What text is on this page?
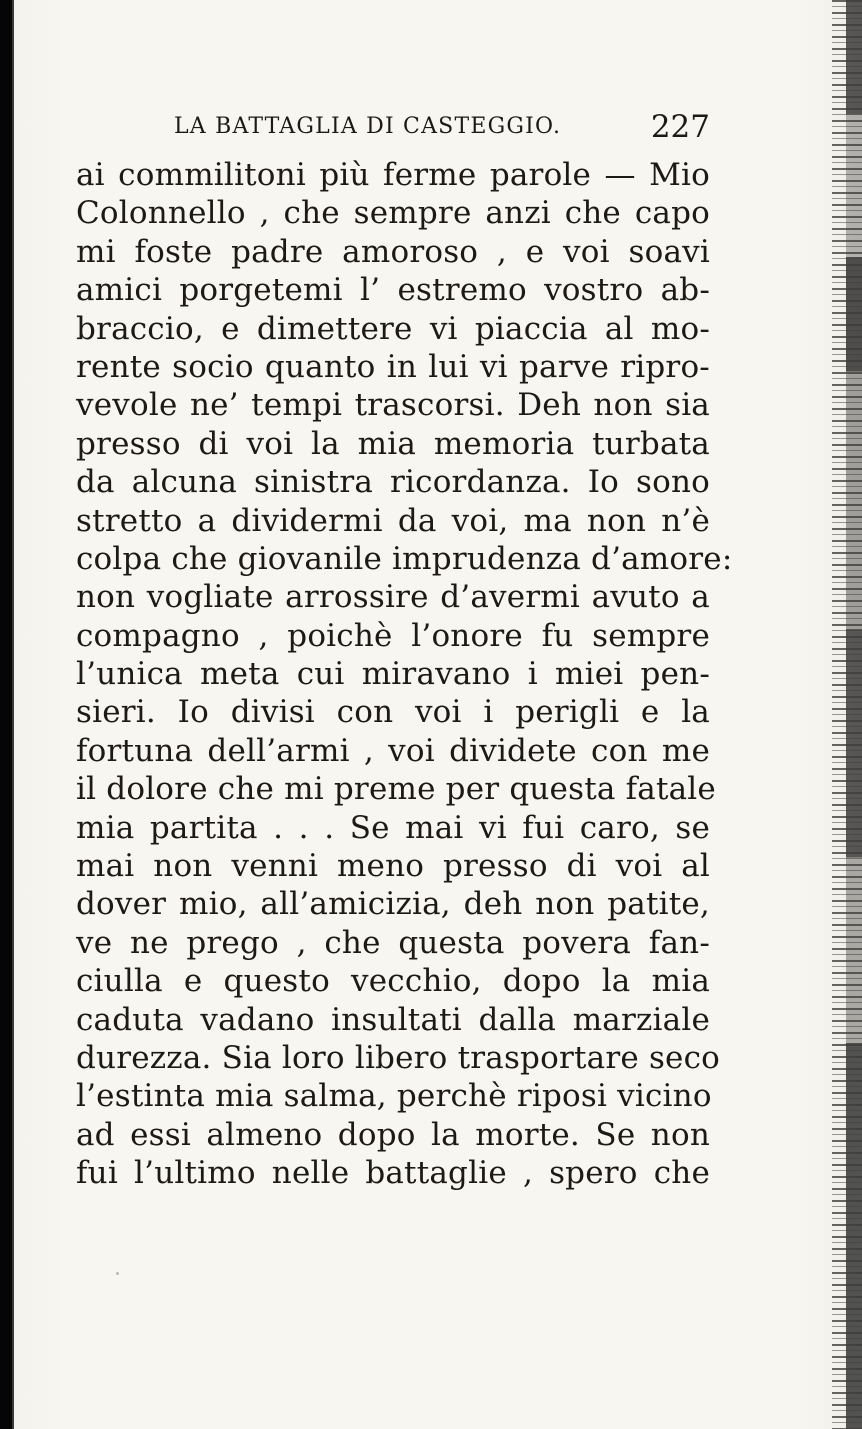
LA BATTAGLIA DI CASTEGGIO.	227
ai commilitoni più ferme parole — Mio
Colonnello , che sempre anzi che capo
mi foste padre amoroso , e voi soavi
amici porgetemi l’ estremo vostro ab-
braccio, e dimettere vi piaccia al mo-
rente socio quanto in lui vi parve ripro-
vevole ne’ tempi trascorsi. Deh non sia
presso di voi la mia memoria turbata
da alcuna sinistra ricordanza. Io sono
stretto a dividermi da voi, ma non n’è
colpa che giovanile imprudenza d’amore:
non vogliate arrossire d’avermi avuto a
compagno , poichè l’onore fu sempre
l’unica meta cui miravano i miei pen-
sieri. Io divisi con voi i perigli e la
fortuna dell’armi , voi dividete con me
il dolore che mi preme per questa fatale
mia partita . . . Se mai vi fui caro, se
mai non venni meno presso di voi al
dover mio, all’amicizia, deh non patite,
ve ne prego , che questa povera fan-
ciulla e questo vecchio, dopo la mia
caduta vadano insultati dalla marziale
durezza. Sia loro libero trasportare seco
l’estinta mia salma, perchè riposi vicino
ad essi almeno dopo la morte. Se non
fui l’ultimo nelle battaglie , spero che
